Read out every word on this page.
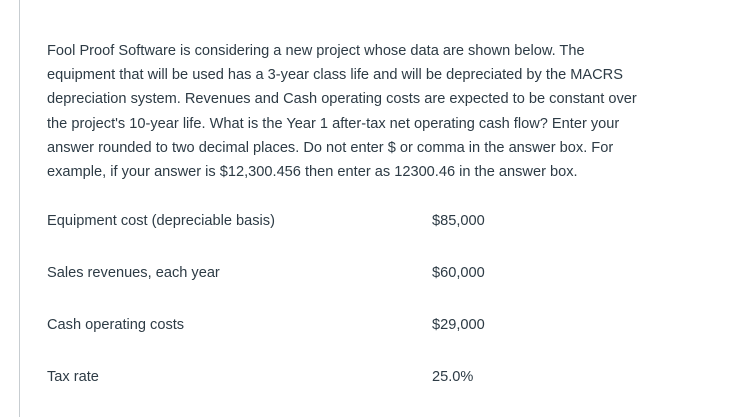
Fool Proof Software is considering a new project whose data are shown below. The
equipment that will be used has a 3-year class life and will be depreciated by the MACRS
depreciation system. Revenues and Cash operating costs are expected to be constant over
the project's 10-year life. What is the Year 1 after-tax net operating cash flow? Enter your
answer rounded to two decimal places. Do not enter $ or comma in the answer box. For
example, if your answer is $12,300.456 then enter as 12300.46 in the answer box.
Equipment cost (depreciable basis)	$85,000
Sales revenues, each year	$60,000
Cash operating costs	$29,000
Tax rate	25.0%
